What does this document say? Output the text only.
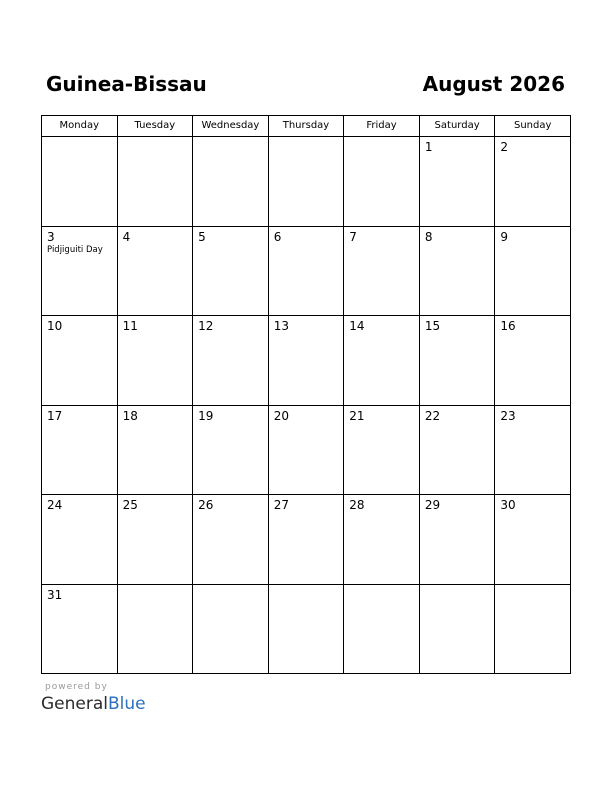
Guinea-Bissau	August 2026
Monday	Tuesday	Wednesday	Thursday	Friday	Saturday	Sunday

					1	2

3
Pidjiguiti Day	4	5	6	7	8	9

10	11	12	13	14	15	16

17	18	19	20	21	22	23

24	25	26	27	28	29	30

31						

powered by
GeneralBlue
